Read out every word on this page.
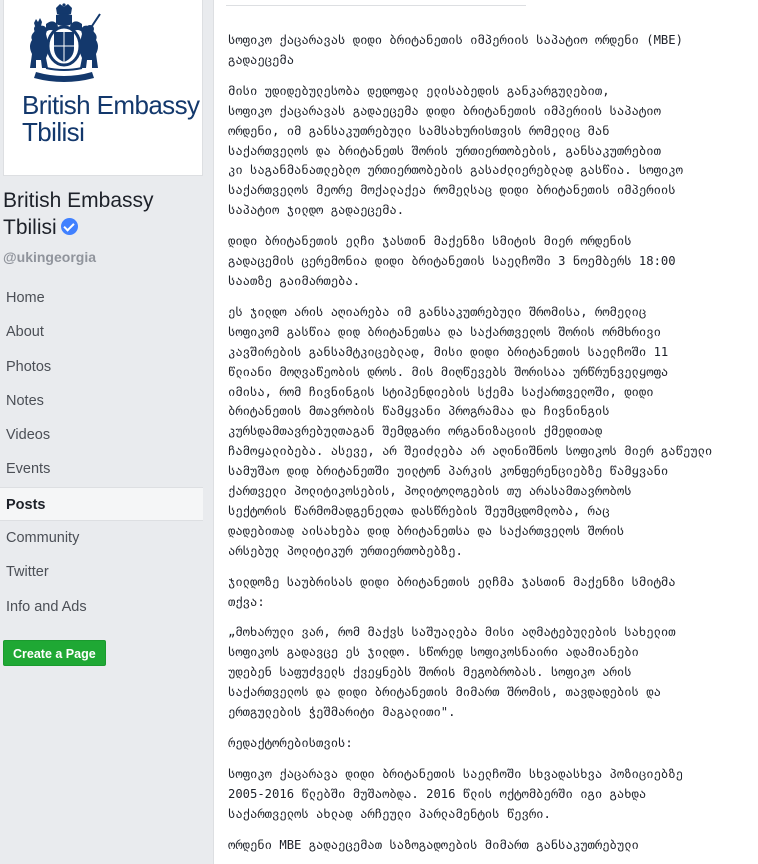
British Embassy
Tbilisi
British Embassy Tbilisi
@ukingeorgia
Home
About
Photos
Notes
Videos
Events
Posts
Community
Twitter
Info and Ads
Create a Page

სოფიკო ქაცარავას დიდი ბრიტანეთის იმპერიის საპატიო ორდენი (MBE)
გადაეცემა

მისი უდიდებულესობა დედოფალ ელისაბედის განკარგულებით,
სოფიკო ქაცარავას გადაეცემა დიდი ბრიტანეთის იმპერიის საპატიო
ორდენი, იმ განსაკუთრებული სამსახურისთვის რომელიც მან
საქართველოს და ბრიტანეთს შორის ურთიერთობების, განსაკუთრებით
კი საგანმანათლებლო ურთიერთობების გასაძლიერებლად გასწია. სოფიკო
საქართველოს მეორე მოქალაქეა რომელსაც დიდი ბრიტანეთის იმპერიის
საპატიო ჯილდო გადაეცემა.

დიდი ბრიტანეთის ელჩი ჯასთინ მაქენზი სმიტის მიერ ორდენის
გადაცემის ცერემონია დიდი ბრიტანეთის საელჩოში 3 ნოემბერს 18:00
საათზე გაიმართება.

ეს ჯილდო არის აღიარება იმ განსაკუთრებული შრომისა, რომელიც
სოფიკომ გასწია დიდ ბრიტანეთსა და საქართველოს შორის ორმხრივი
კავშირების განსამტკიცებლად, მისი დიდი ბრიტანეთის საელჩოში 11
წლიანი მოღვაწეობის დროს. მის მიღწევებს შორისაა ურწრუნველყოფა
იმისა, რომ ჩივნინგის სტიპენდიების სქემა საქართველოში, დიდი
ბრიტანეთის მთავრობის წამყვანი პროგრამაა და ჩივნინგის
კურსდამთავრებულთაგან შემდგარი ორგანიზაციის ქმედითად
ჩამოყალიბება. ასევე, არ შეიძლება არ აღინიშნოს სოფიკოს მიერ გაწეული
სამუშაო დიდ ბრიტანეთში უილტონ პარკის კონფერენციებზე წამყვანი
ქართველი პოლიტიკოსების, პოლიტოლოგების თუ არასამთავრობოს
სექტორის წარმომადგენელთა დასწრების შეუმცდომლობა, რაც
დადებითად აისახება დიდ ბრიტანეთსა და საქართველოს შორის
არსებულ პოლიტიკურ ურთიერთობებზე.

ჯილდოზე საუბრისას დიდი ბრიტანეთის ელჩმა ჯასთინ მაქენზი სმიტმა
თქვა:

„მოხარული ვარ, რომ მაქვს საშუალება მისი აღმატებულების სახელით
სოფიკოს გადავცე ეს ჯილდო. სწორედ სოფიკოსნაირი ადამიანები
უდებენ საფუძველს ქვეყნებს შორის მეგობრობას. სოფიკო არის
საქართველოს და დიდი ბრიტანეთის მიმართ შრომის, თავდადების და
ერთგულების ჭეშმარიტი მაგალითი".

რედაქტორებისთვის:

სოფიკო ქაცარავა დიდი ბრიტანეთის საელჩოში სხვადასხვა პოზიციებზე
2005-2016 წლებში მუშაობდა. 2016 წლის ოქტომბერში იგი გახდა
საქართველოს ახლად არჩეული პარლამენტის წევრი.

ორდენი MBE გადაეცემათ საზოგადოების მიმართ განსაკუთრებული
